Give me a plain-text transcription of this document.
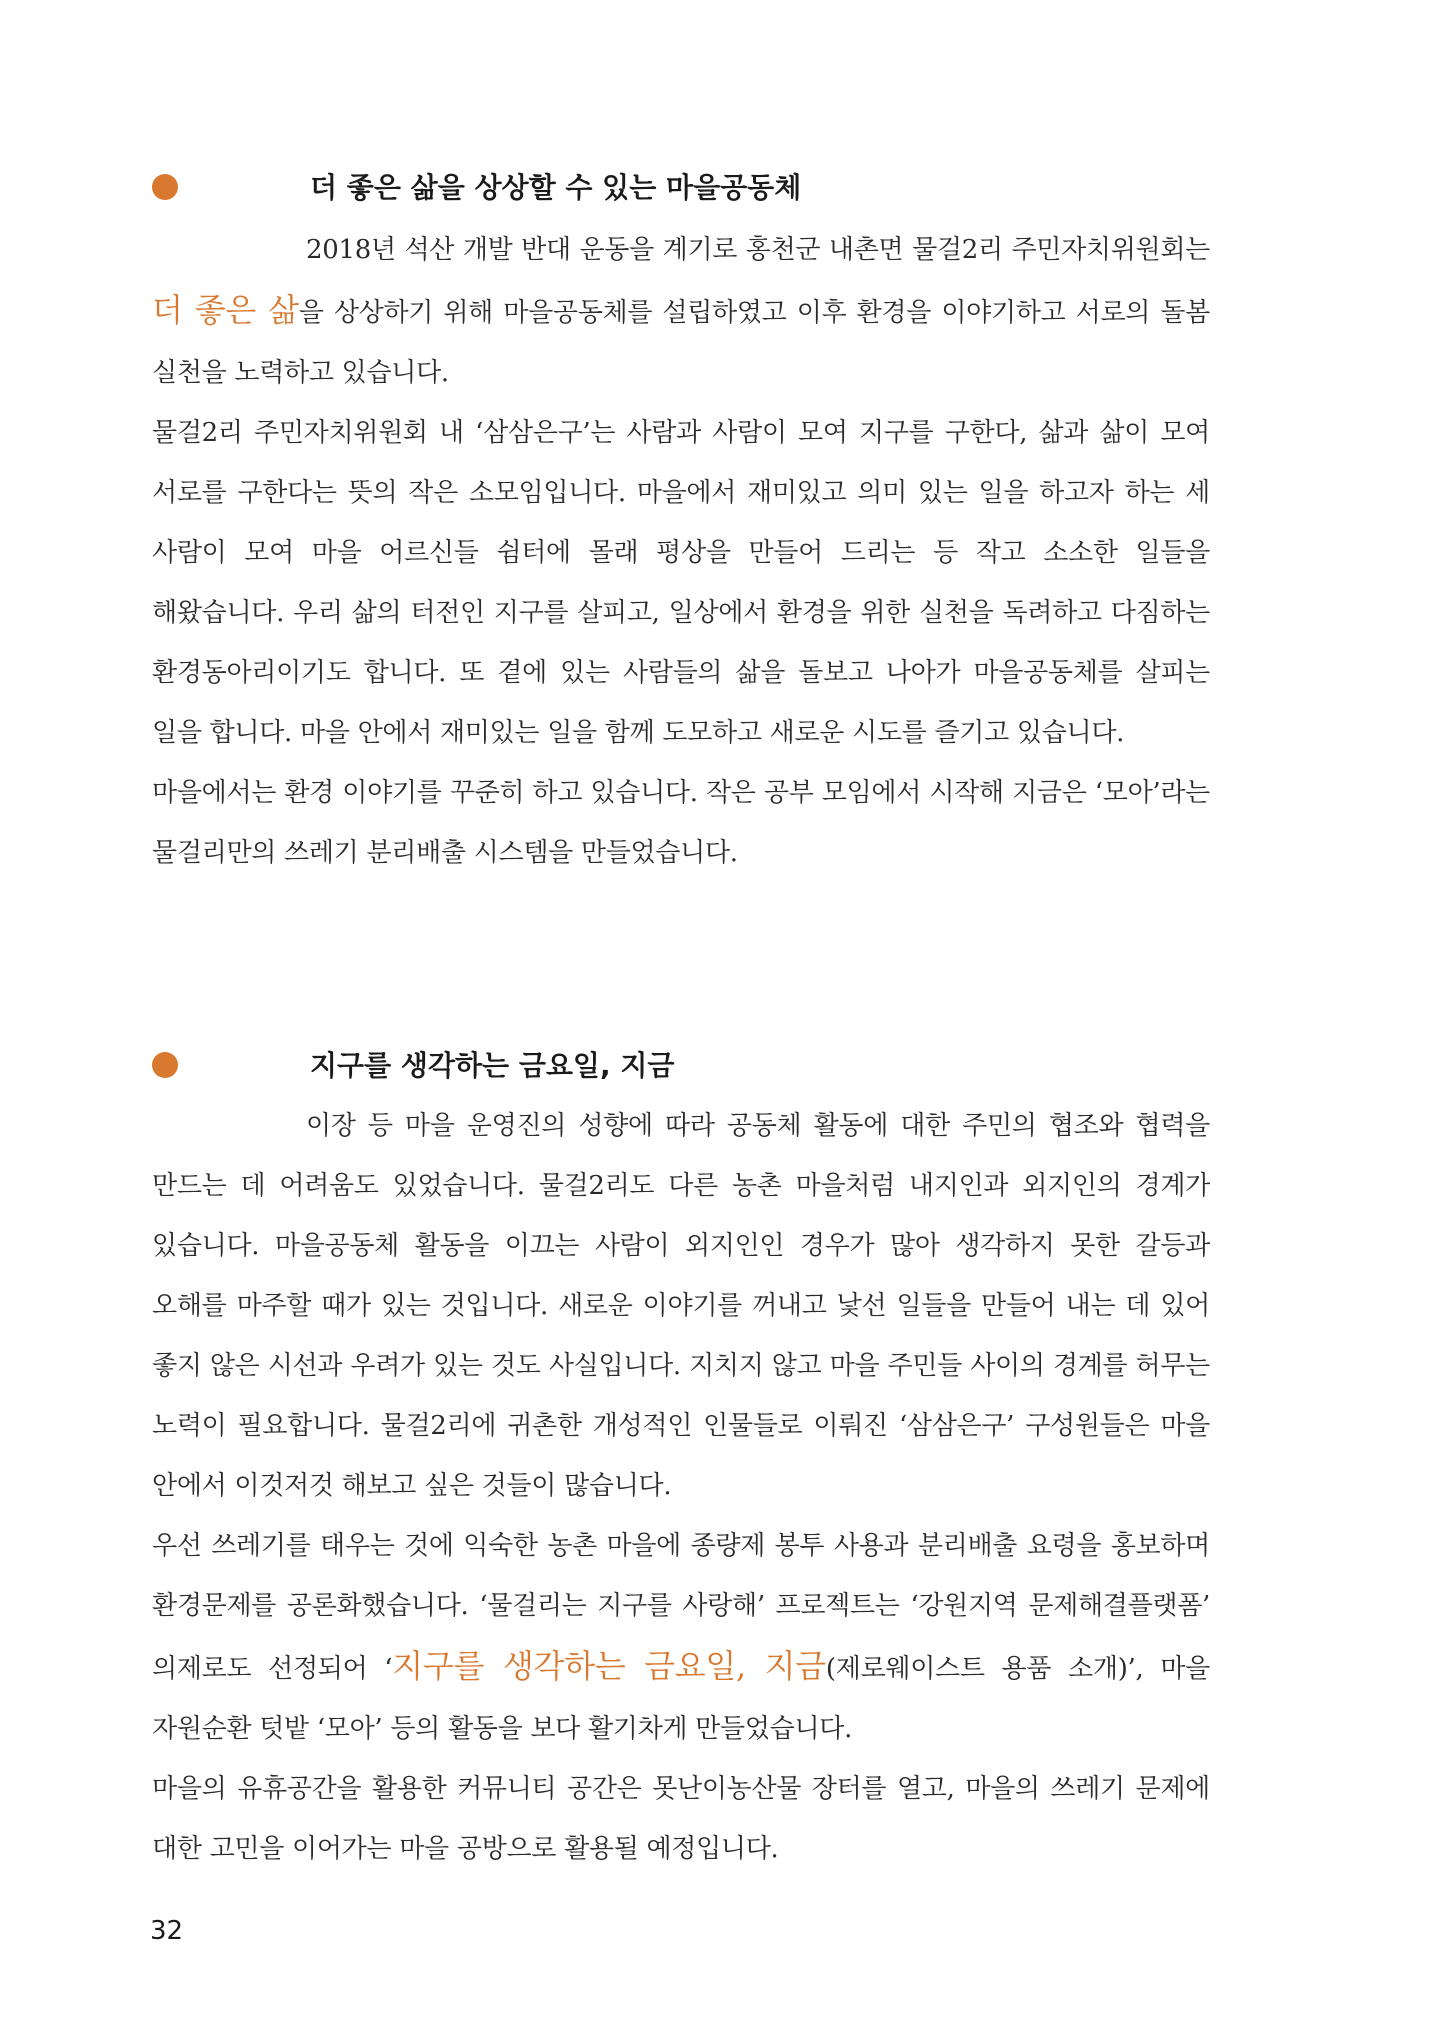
더 좋은 삶을 상상할 수 있는 마을공동체

2018년 석산 개발 반대 운동을 계기로 홍천군 내촌면 물걸2리 주민자치위원회는 더 좋은 삶을 상상하기 위해 마을공동체를 설립하였고 이후 환경을 이야기하고 서로의 돌봄 실천을 노력하고 있습니다.

물걸2리 주민자치위원회 내 ‘삼삼은구’는 사람과 사람이 모여 지구를 구한다, 삶과 삶이 모여 서로를 구한다는 뜻의 작은 소모임입니다. 마을에서 재미있고 의미 있는 일을 하고자 하는 세 사람이 모여 마을 어르신들 쉼터에 몰래 평상을 만들어 드리는 등 작고 소소한 일들을 해왔습니다. 우리 삶의 터전인 지구를 살피고, 일상에서 환경을 위한 실천을 독려하고 다짐하는 환경동아리이기도 합니다. 또 곁에 있는 사람들의 삶을 돌보고 나아가 마을공동체를 살피는 일을 합니다. 마을 안에서 재미있는 일을 함께 도모하고 새로운 시도를 즐기고 있습니다.

마을에서는 환경 이야기를 꾸준히 하고 있습니다. 작은 공부 모임에서 시작해 지금은 ‘모아’라는 물걸리만의 쓰레기 분리배출 시스템을 만들었습니다.

지구를 생각하는 금요일, 지금

이장 등 마을 운영진의 성향에 따라 공동체 활동에 대한 주민의 협조와 협력을 만드는 데 어려움도 있었습니다. 물걸2리도 다른 농촌 마을처럼 내지인과 외지인의 경계가 있습니다. 마을공동체 활동을 이끄는 사람이 외지인인 경우가 많아 생각하지 못한 갈등과 오해를 마주할 때가 있는 것입니다. 새로운 이야기를 꺼내고 낯선 일들을 만들어 내는 데 있어 좋지 않은 시선과 우려가 있는 것도 사실입니다. 지치지 않고 마을 주민들 사이의 경계를 허무는 노력이 필요합니다. 물걸2리에 귀촌한 개성적인 인물들로 이뤄진 ‘삼삼은구’ 구성원들은 마을 안에서 이것저것 해보고 싶은 것들이 많습니다.

우선 쓰레기를 태우는 것에 익숙한 농촌 마을에 종량제 봉투 사용과 분리배출 요령을 홍보하며 환경문제를 공론화했습니다. ‘물걸리는 지구를 사랑해’ 프로젝트는 ‘강원지역 문제해결플랫폼’ 의제로도 선정되어 ‘지구를 생각하는 금요일, 지금(제로웨이스트 용품 소개)’, 마을 자원순환 텃밭 ‘모아’ 등의 활동을 보다 활기차게 만들었습니다.

마을의 유휴공간을 활용한 커뮤니티 공간은 못난이농산물 장터를 열고, 마을의 쓰레기 문제에 대한 고민을 이어가는 마을 공방으로 활용될 예정입니다.

32
